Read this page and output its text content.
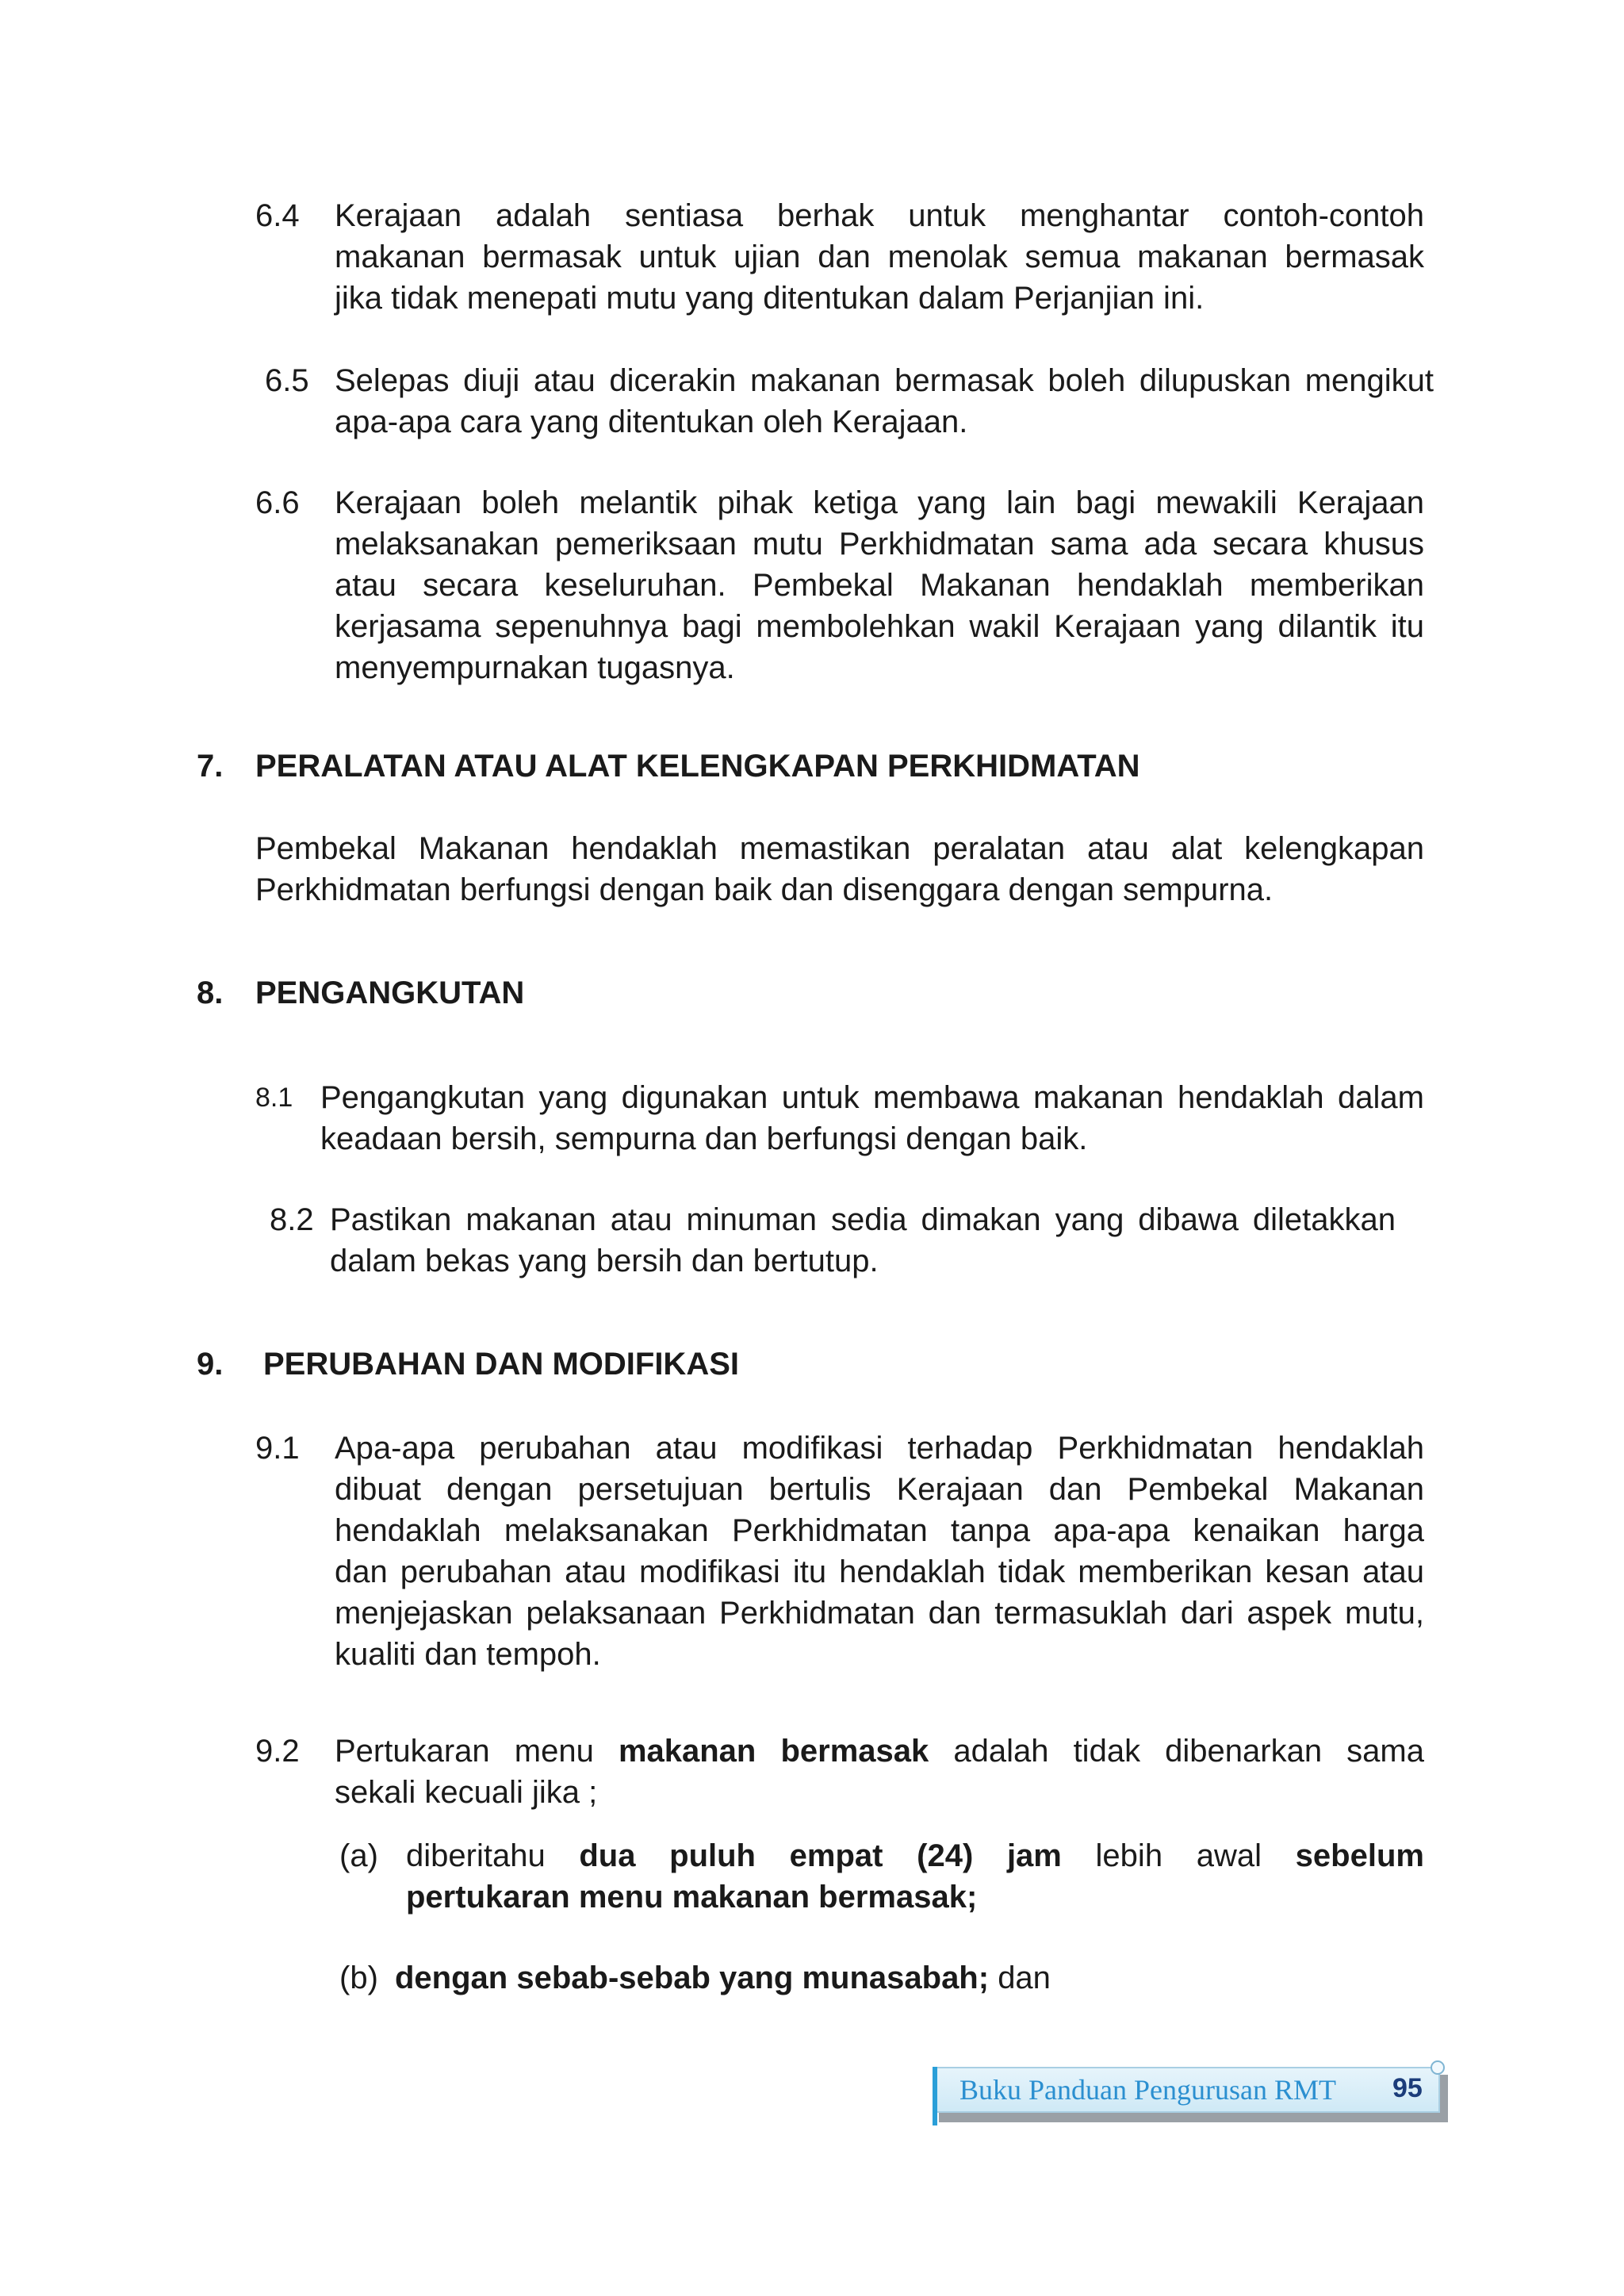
6.4 Kerajaan adalah sentiasa berhak untuk menghantar contoh-contoh
makanan bermasak untuk ujian dan menolak semua makanan bermasak
jika tidak menepati mutu yang ditentukan dalam Perjanjian ini.
6.5 Selepas diuji atau dicerakin makanan bermasak boleh dilupuskan mengikut
apa-apa cara yang ditentukan oleh Kerajaan.
6.6 Kerajaan boleh melantik pihak ketiga yang lain bagi mewakili Kerajaan
melaksanakan pemeriksaan mutu Perkhidmatan sama ada secara khusus
atau secara keseluruhan. Pembekal Makanan hendaklah memberikan
kerjasama sepenuhnya bagi membolehkan wakil Kerajaan yang dilantik itu
menyempurnakan tugasnya.
7. PERALATAN ATAU ALAT KELENGKAPAN PERKHIDMATAN
Pembekal Makanan hendaklah memastikan peralatan atau alat kelengkapan
Perkhidmatan berfungsi dengan baik dan disenggara dengan sempurna.
8. PENGANGKUTAN
8.1 Pengangkutan yang digunakan untuk membawa makanan hendaklah dalam
keadaan bersih, sempurna dan berfungsi dengan baik.
8.2 Pastikan makanan atau minuman sedia dimakan yang dibawa diletakkan
dalam bekas yang bersih dan bertutup.
9. PERUBAHAN DAN MODIFIKASI
9.1 Apa-apa perubahan atau modifikasi terhadap Perkhidmatan hendaklah
dibuat dengan persetujuan bertulis Kerajaan dan Pembekal Makanan
hendaklah melaksanakan Perkhidmatan tanpa apa-apa kenaikan harga
dan perubahan atau modifikasi itu hendaklah tidak memberikan kesan atau
menjejaskan pelaksanaan Perkhidmatan dan termasuklah dari aspek mutu,
kualiti dan tempoh.
9.2 Pertukaran menu makanan bermasak adalah tidak dibenarkan sama
sekali kecuali jika ;
(a) diberitahu dua puluh empat (24) jam lebih awal sebelum
pertukaran menu makanan bermasak;
(b) dengan sebab-sebab yang munasabah; dan
Buku Panduan Pengurusan RMT 95
